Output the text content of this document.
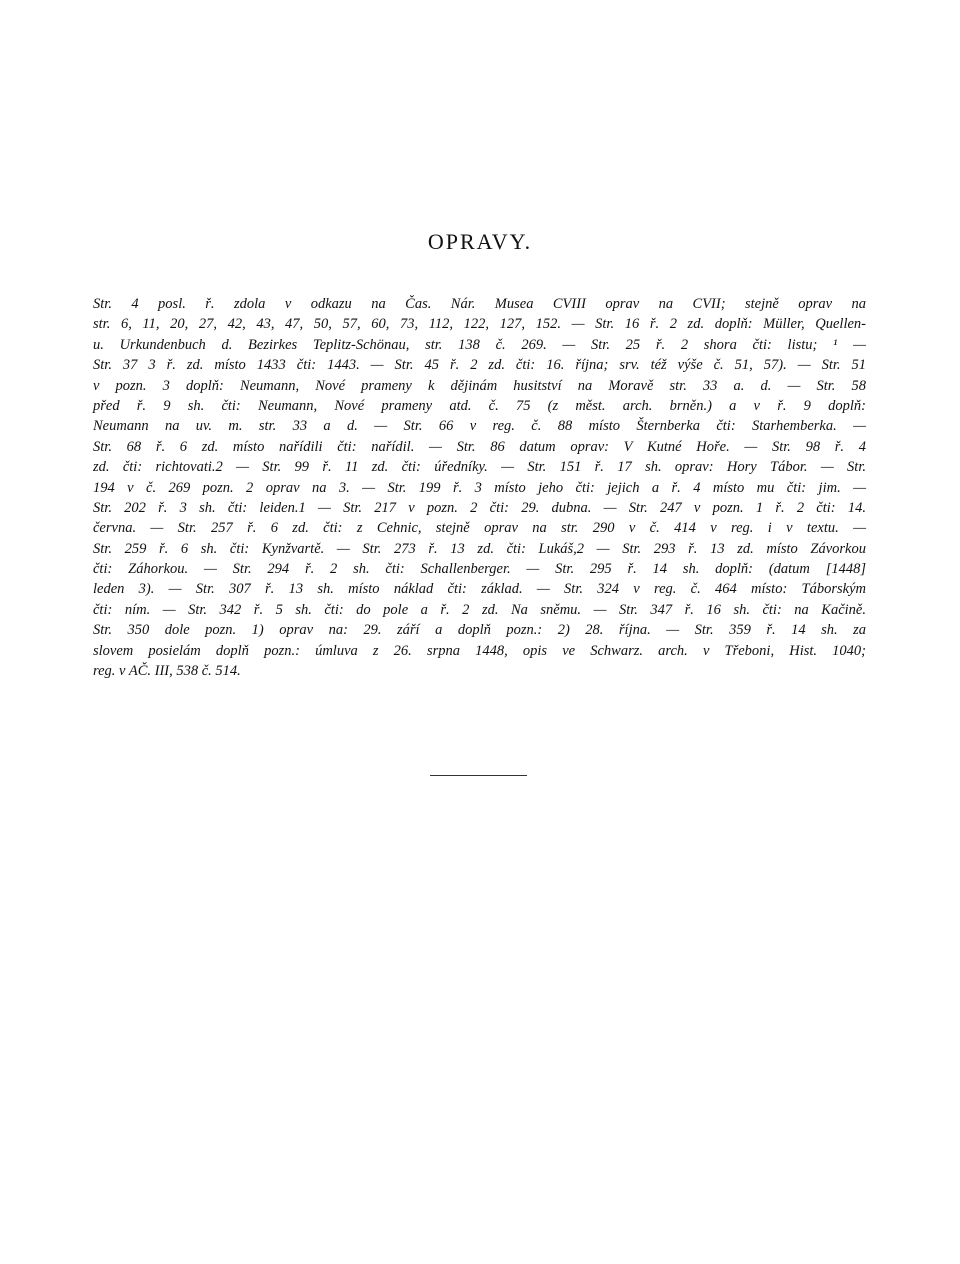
OPRAVY.
Str. 4 posl. ř. zdola v odkazu na Čas. Nár. Musea CVIII oprav na CVII; stejně oprav na
str. 6, 11, 20, 27, 42, 43, 47, 50, 57, 60, 73, 112, 122, 127, 152. — Str. 16 ř. 2 zd. doplň: Müller, Quellen-
u. Urkundenbuch d. Bezirkes Teplitz-Schönau, str. 138 č. 269. — Str. 25 ř. 2 shora čti: listu; ¹ —
Str. 37 3 ř. zd. místo 1433 čti: 1443. — Str. 45 ř. 2 zd. čti: 16. října; srv. též výše č. 51, 57). — Str. 51
v pozn. 3 doplň: Neumann, Nové prameny k dějinám husitství na Moravě str. 33 a. d. — Str. 58
před ř. 9 sh. čti: Neumann, Nové prameny atd. č. 75 (z měst. arch. brněn.) a v ř. 9 doplň:
Neumann na uv. m. str. 33 a d. — Str. 66 v reg. č. 88 místo Šternberka čti: Starhemberka. —
Str. 68 ř. 6 zd. místo nařídili čti: nařídil. — Str. 86 datum oprav: V Kutné Hoře. — Str. 98 ř. 4
zd. čti: richtovati.2 — Str. 99 ř. 11 zd. čti: úředníky. — Str. 151 ř. 17 sh. oprav: Hory Tábor. — Str.
194 v č. 269 pozn. 2 oprav na 3. — Str. 199 ř. 3 místo jeho čti: jejich a ř. 4 místo mu čti: jim. —
Str. 202 ř. 3 sh. čti: leiden.1 — Str. 217 v pozn. 2 čti: 29. dubna. — Str. 247 v pozn. 1 ř. 2 čti: 14.
června. — Str. 257 ř. 6 zd. čti: z Cehnic, stejně oprav na str. 290 v č. 414 v reg. i v textu. —
Str. 259 ř. 6 sh. čti: Kynžvartě. — Str. 273 ř. 13 zd. čti: Lukáš,2 — Str. 293 ř. 13 zd. místo Závorkou
čti: Záhorkou. — Str. 294 ř. 2 sh. čti: Schallenberger. — Str. 295 ř. 14 sh. doplň: (datum [1448]
leden 3). — Str. 307 ř. 13 sh. místo náklad čti: základ. — Str. 324 v reg. č. 464 místo: Táborským
čti: ním. — Str. 342 ř. 5 sh. čti: do pole a ř. 2 zd. Na sněmu. — Str. 347 ř. 16 sh. čti: na Kačině.
Str. 350 dole pozn. 1) oprav na: 29. září a doplň pozn.: 2) 28. října. — Str. 359 ř. 14 sh. za
slovem posielám doplň pozn.: úmluva z 26. srpna 1448, opis ve Schwarz. arch. v Třeboni, Hist. 1040;
reg. v AČ. III, 538 č. 514.
